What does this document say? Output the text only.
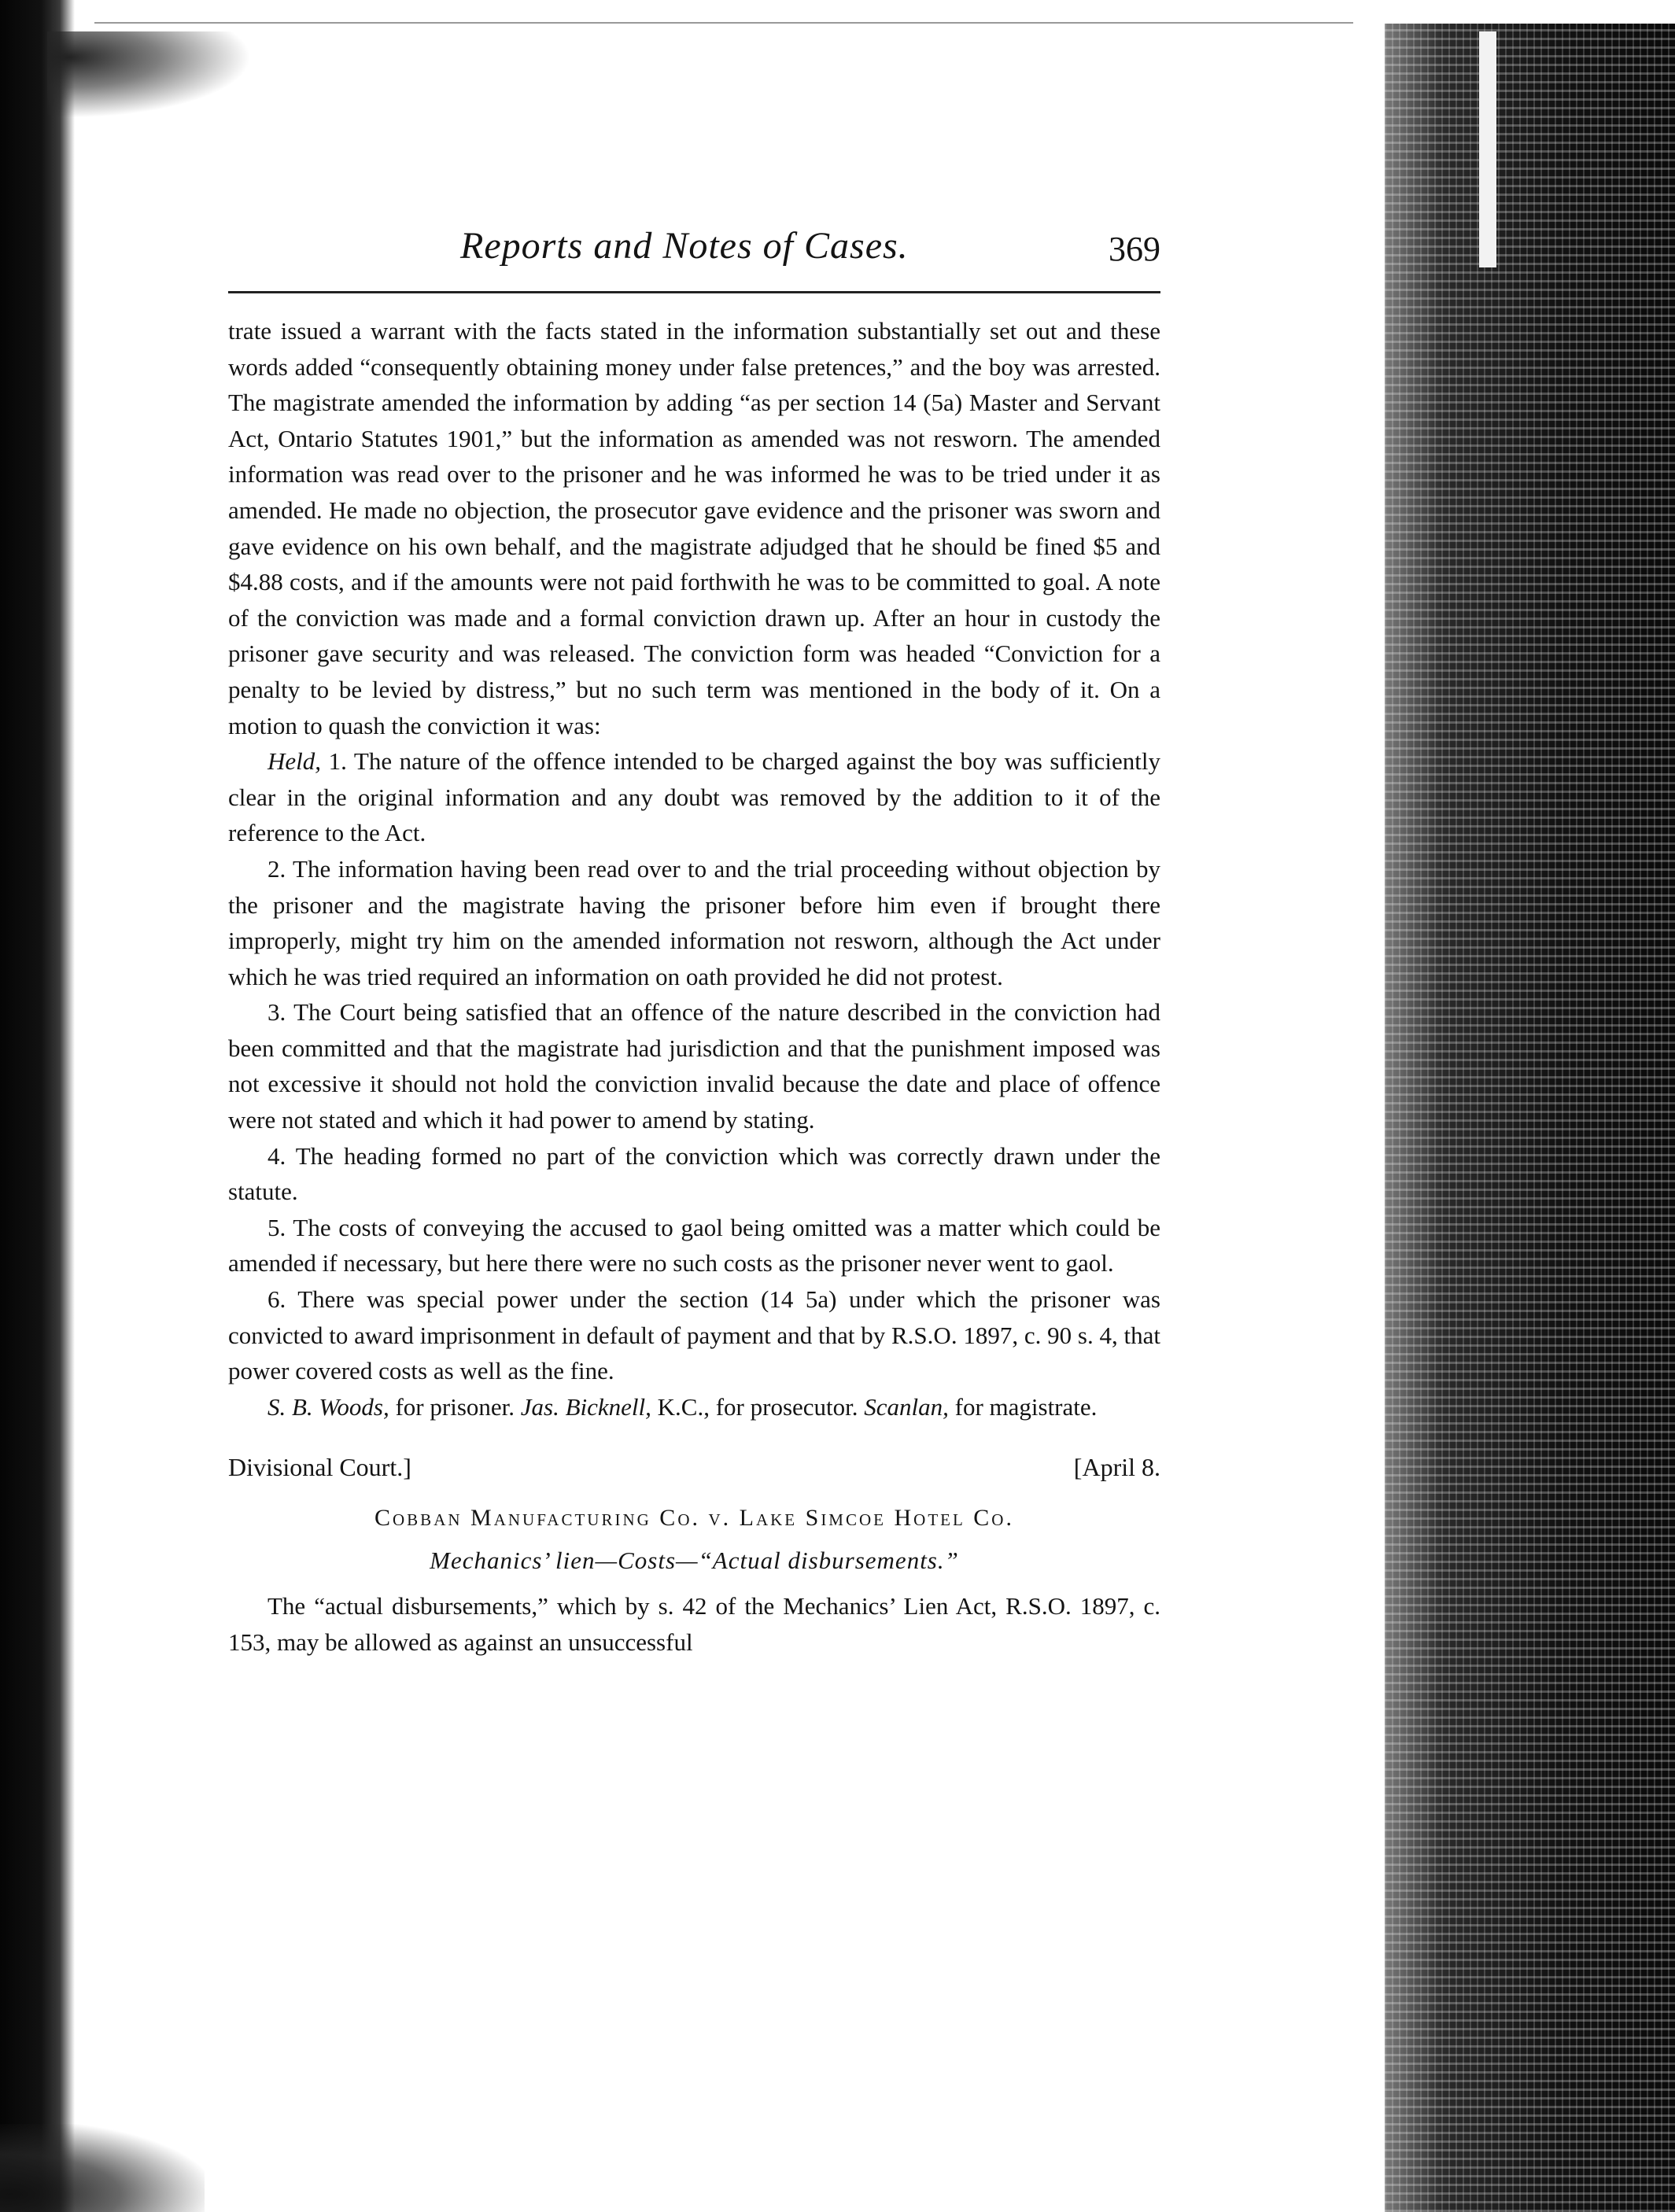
Reports and Notes of Cases.	369

trate issued a warrant with the facts stated in the information substantially set out and these words added “consequently obtaining money under false pretences,” and the boy was arrested. The magistrate amended the information by adding “as per section 14 (5a) Master and Servant Act, Ontario Statutes 1901,” but the information as amended was not resworn. The amended information was read over to the prisoner and he was informed he was to be tried under it as amended. He made no objection, the prosecutor gave evidence and the prisoner was sworn and gave evidence on his own behalf, and the magistrate adjudged that he should be fined $5 and $4.88 costs, and if the amounts were not paid forthwith he was to be committed to goal. A note of the conviction was made and a formal conviction drawn up. After an hour in custody the prisoner gave security and was released. The conviction form was headed “Conviction for a penalty to be levied by distress,” but no such term was mentioned in the body of it. On a motion to quash the conviction it was:

Held, 1. The nature of the offence intended to be charged against the boy was sufficiently clear in the original information and any doubt was removed by the addition to it of the reference to the Act.

2. The information having been read over to and the trial proceeding without objection by the prisoner and the magistrate having the prisoner before him even if brought there improperly, might try him on the amended information not resworn, although the Act under which he was tried required an information on oath provided he did not protest.

3. The Court being satisfied that an offence of the nature described in the conviction had been committed and that the magistrate had jurisdiction and that the punishment imposed was not excessive it should not hold the conviction invalid because the date and place of offence were not stated and which it had power to amend by stating.

4. The heading formed no part of the conviction which was correctly drawn under the statute.

5. The costs of conveying the accused to gaol being omitted was a matter which could be amended if necessary, but here there were no such costs as the prisoner never went to gaol.

6. There was special power under the section (14 5a) under which the prisoner was convicted to award imprisonment in default of payment and that by R.S.O. 1897, c. 90 s. 4, that power covered costs as well as the fine.

S. B. Woods, for prisoner. Jas. Bicknell, K.C., for prosecutor. Scanlan, for magistrate.

Divisional Court.]	[April 8.

Cobban Manufacturing Co. v. Lake Simcoe Hotel Co.

Mechanics’ lien—Costs—“Actual disbursements.”

The “actual disbursements,” which by s. 42 of the Mechanics’ Lien Act, R.S.O. 1897, c. 153, may be allowed as against an unsuccessful
